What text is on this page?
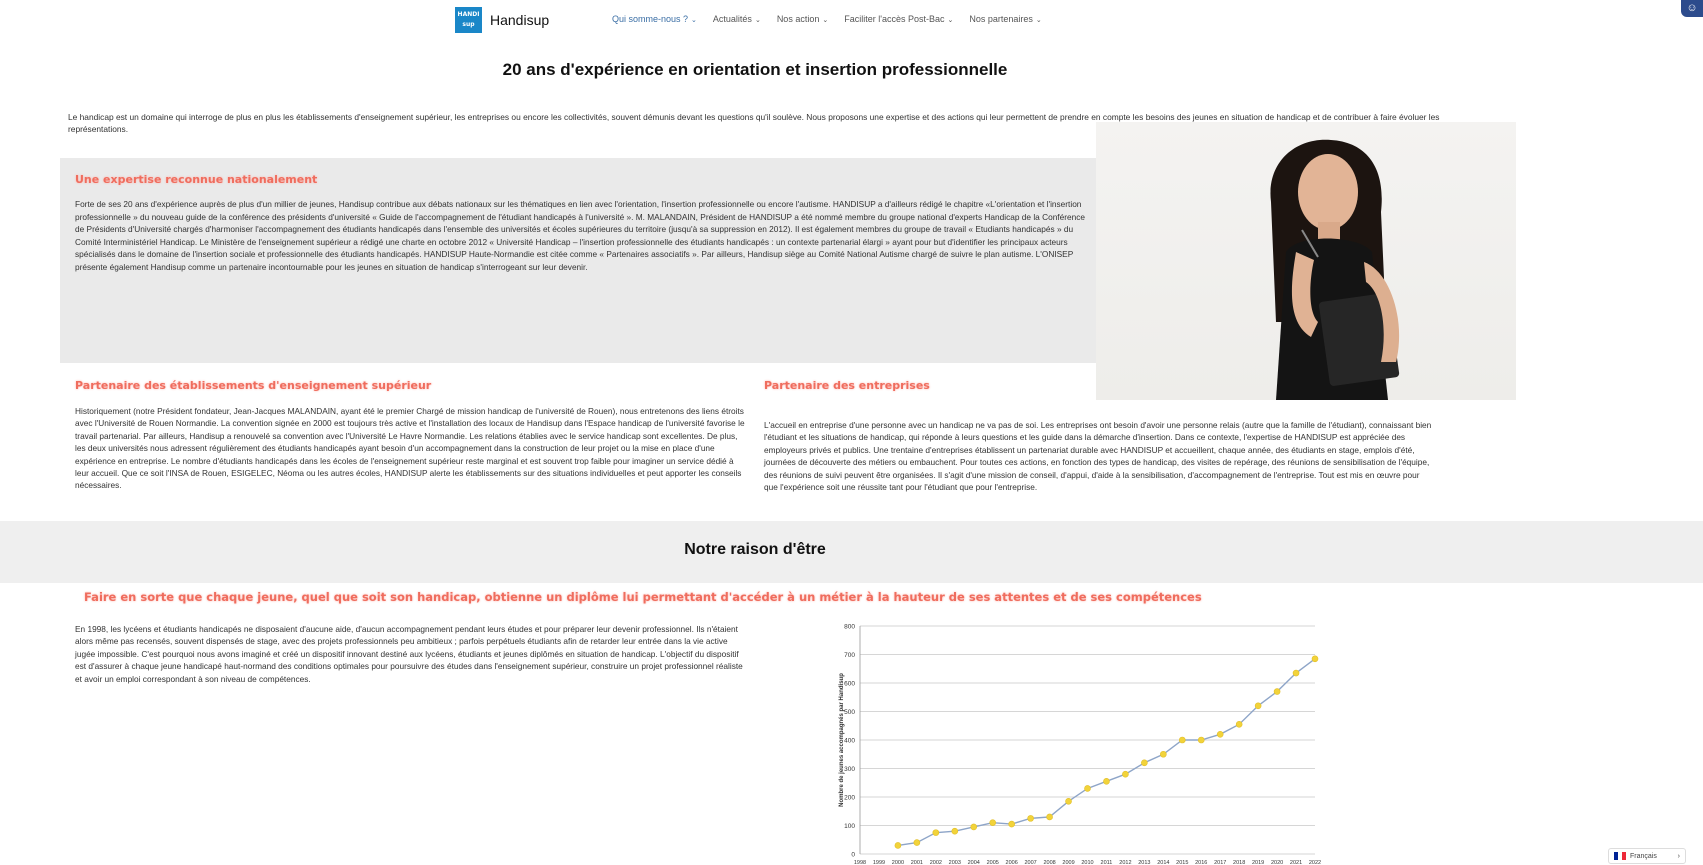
HANDI sup	Handisup	Qui somme-nous ? ⌄ Actualités ⌄ Nos action ⌄ Faciliter l'accès Post-Bac ⌄ Nos partenaires ⌄
☺
20 ans d'expérience en orientation et insertion professionnelle

Le handicap est un domaine qui interroge de plus en plus les établissements d'enseignement supérieur, les entreprises ou encore les collectivités, souvent démunis devant les questions qu'il soulève. Nous proposons une expertise et des actions qui leur permettent de prendre en compte les besoins des jeunes en situation de handicap et de contribuer à faire évoluer les représentations.

Une expertise reconnue nationalement

Forte de ses 20 ans d'expérience auprès de plus d'un millier de jeunes, Handisup contribue aux débats nationaux sur les thématiques en lien avec l'orientation, l'insertion professionnelle ou encore l'autisme. HANDISUP a d'ailleurs rédigé le chapitre «L'orientation et l'insertion professionnelle » du nouveau guide de la conférence des présidents d'université « Guide de l'accompagnement de l'étudiant handicapés à l'université ». M. MALANDAIN, Président de HANDISUP a été nommé membre du groupe national d'experts Handicap de la Conférence de Présidents d'Université chargés d'harmoniser l'accompagnement des étudiants handicapés dans l'ensemble des universités et écoles supérieures du territoire (jusqu'à sa suppression en 2012). Il est également membres du groupe de travail « Etudiants handicapés » du Comité Interministériel Handicap. Le Ministère de l'enseignement supérieur a rédigé une charte en octobre 2012 « Université Handicap – l'insertion professionnelle des étudiants handicapés : un contexte partenarial élargi » ayant pour but d'identifier les principaux acteurs spécialisés dans le domaine de l'insertion sociale et professionnelle des étudiants handicapés. HANDISUP Haute-Normandie est citée comme « Partenaires associatifs ». Par ailleurs, Handisup siège au Comité National Autisme chargé de suivre le plan autisme. L'ONISEP présente également Handisup comme un partenaire incontournable pour les jeunes en situation de handicap s'interrogeant sur leur devenir.

Partenaire des établissements d'enseignement supérieur

Historiquement (notre Président fondateur, Jean-Jacques MALANDAIN, ayant été le premier Chargé de mission handicap de l'université de Rouen), nous entretenons des liens étroits avec l'Université de Rouen Normandie. La convention signée en 2000 est toujours très active et l'installation des locaux de Handisup dans l'Espace handicap de l'université favorise le travail partenarial. Par ailleurs, Handisup a renouvelé sa convention avec l'Université Le Havre Normandie. Les relations établies avec le service handicap sont excellentes. De plus, les deux universités nous adressent régulièrement des étudiants handicapés ayant besoin d'un accompagnement dans la construction de leur projet ou la mise en place d'une expérience en entreprise. Le nombre d'étudiants handicapés dans les écoles de l'enseignement supérieur reste marginal et est souvent trop faible pour imaginer un service dédié à leur accueil. Que ce soit l'INSA de Rouen, ESIGELEC, Néoma ou les autres écoles, HANDISUP alerte les établissements sur des situations individuelles et peut apporter les conseils nécessaires.

Partenaire des entreprises

L'accueil en entreprise d'une personne avec un handicap ne va pas de soi. Les entreprises ont besoin d'avoir une personne relais (autre que la famille de l'étudiant), connaissant bien l'étudiant et les situations de handicap, qui réponde à leurs questions et les guide dans la démarche d'insertion. Dans ce contexte, l'expertise de HANDISUP est appréciée des employeurs privés et publics. Une trentaine d'entreprises établissent un partenariat durable avec HANDISUP et accueillent, chaque année, des étudiants en stage, emplois d'été, journées de découverte des métiers ou embauchent. Pour toutes ces actions, en fonction des types de handicap, des visites de repérage, des réunions de sensibilisation de l'équipe, des réunions de suivi peuvent être organisées. Il s'agit d'une mission de conseil, d'appui, d'aide à la sensibilisation, d'accompagnement de l'entreprise. Tout est mis en œuvre pour que l'expérience soit une réussite tant pour l'étudiant que pour l'entreprise.

Notre raison d'être
Faire en sorte que chaque jeune, quel que soit son handicap, obtienne un diplôme lui permettant d'accéder à un métier à la hauteur de ses attentes et de ses compétences

En 1998, les lycéens et étudiants handicapés ne disposaient d'aucune aide, d'aucun accompagnement pendant leurs études et pour préparer leur devenir professionnel. Ils n'étaient alors même pas recensés, souvent dispensés de stage, avec des projets professionnels peu ambitieux ; parfois perpétuels étudiants afin de retarder leur entrée dans la vie active jugée impossible. C'est pourquoi nous avons imaginé et créé un dispositif innovant destiné aux lycéens, étudiants et jeunes diplômés en situation de handicap. L'objectif du dispositif est d'assurer à chaque jeune handicapé haut-normand des conditions optimales pour poursuivre des études dans l'enseignement supérieur, construire un projet professionnel réaliste et avoir un emploi correspondant à son niveau de compétences.

0
100
200
300
400
500
600
700
800
1998 1999 2000 2001 2002 2003 2004 2005 2006 2007 2008 2009 2010 2011 2012 2013 2014 2015 2016 2017 2018 2019 2020 2021 2022
Nombre de jeunes accompagnés par Handisup
Français	›
